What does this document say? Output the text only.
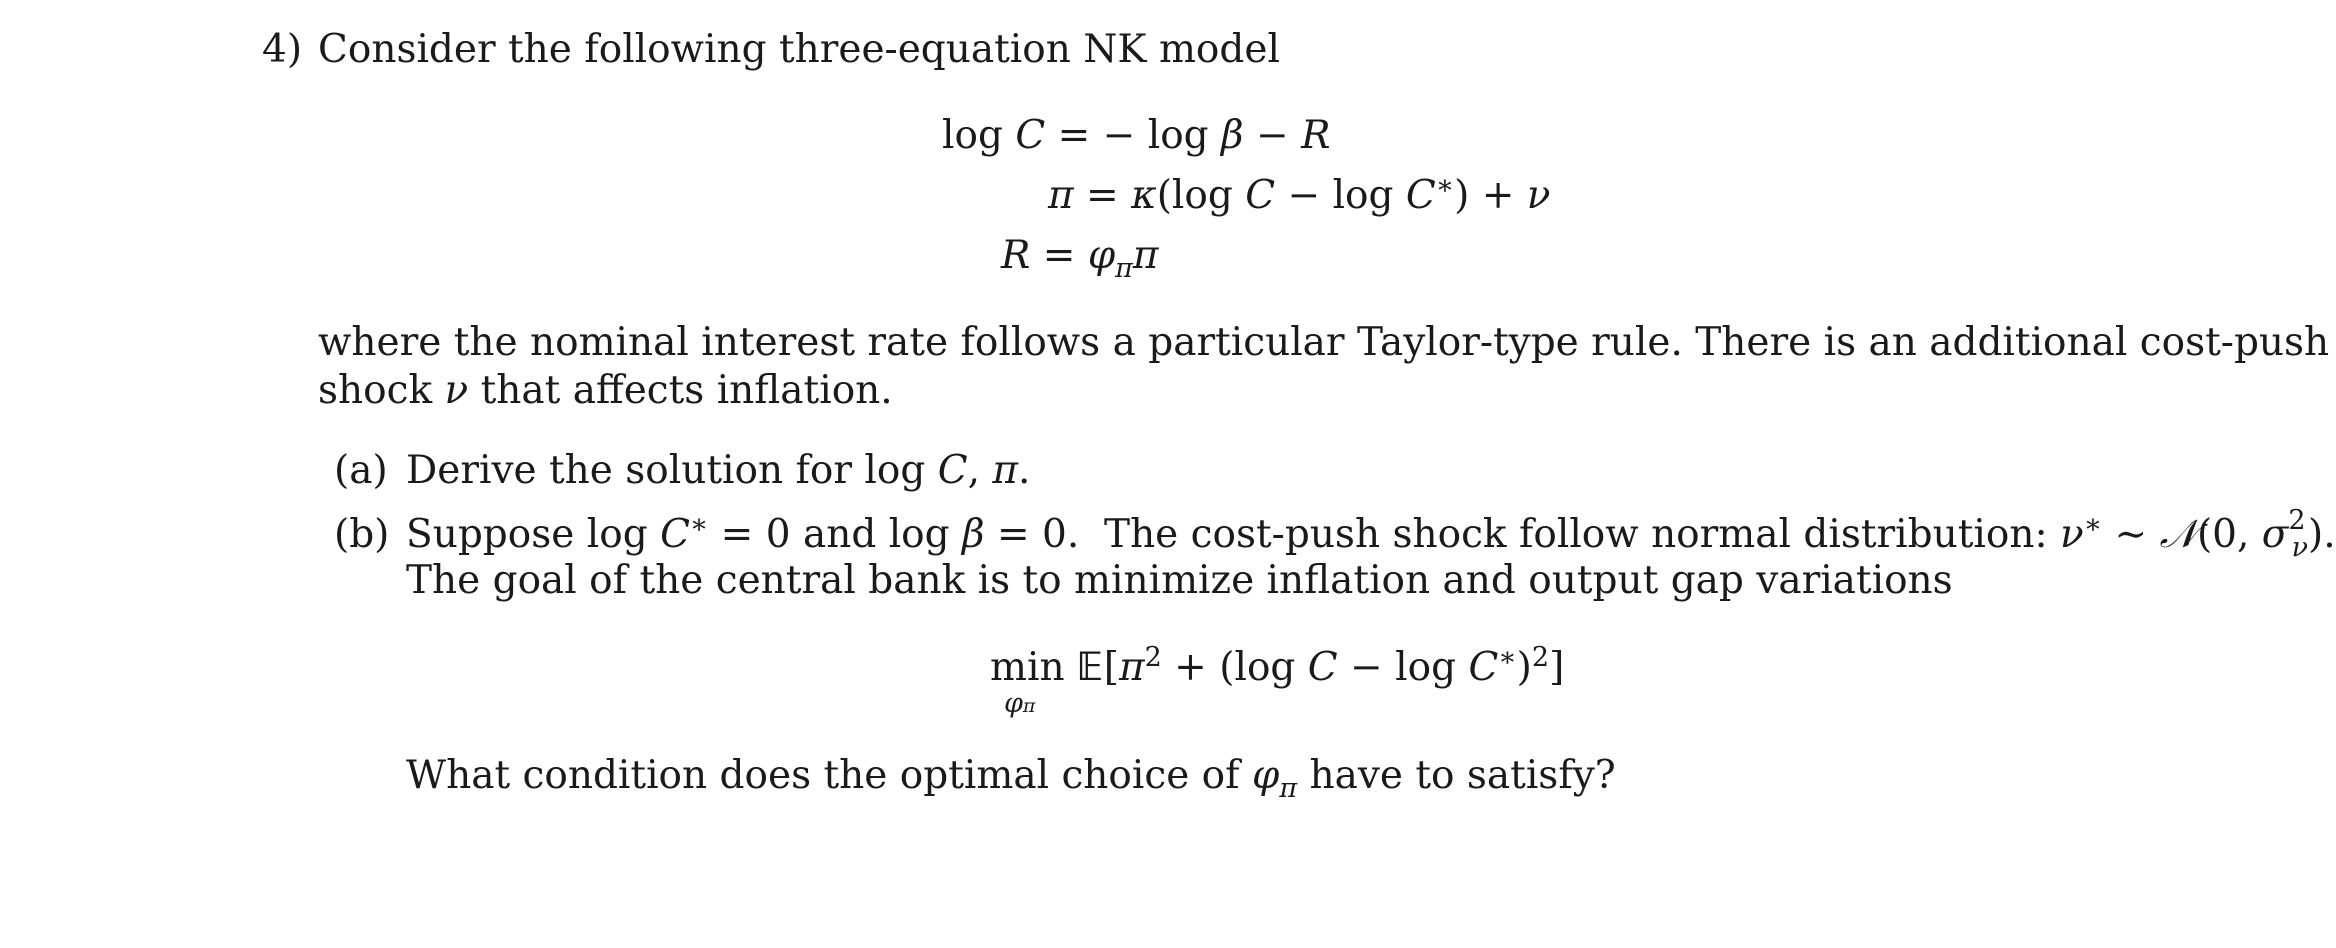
4) Consider the following three-equation NK model
log C = − log β − R
π = κ(log C − log C∗) + ν
$R = \varphi_\pi\pi$
where the nominal interest rate follows a particular Taylor-type rule. There is an additional cost-push
shock ν that affects inflation.
(a) Derive the solution for log C, π.
(b) Suppose log C∗ = 0 and log β = 0.  The cost-push shock follow normal distribution: ν∗ ∼ 𝒩(0, $\sigma^2_\nu$).
The goal of the central bank is to minimize inflation and output gap variations
$\min 𝔼[\pi^2 + (\log$ C − log C∗)$^2$]
φπ
What condition does the optimal choice of $\varphi_\pi$ have to satisfy?
